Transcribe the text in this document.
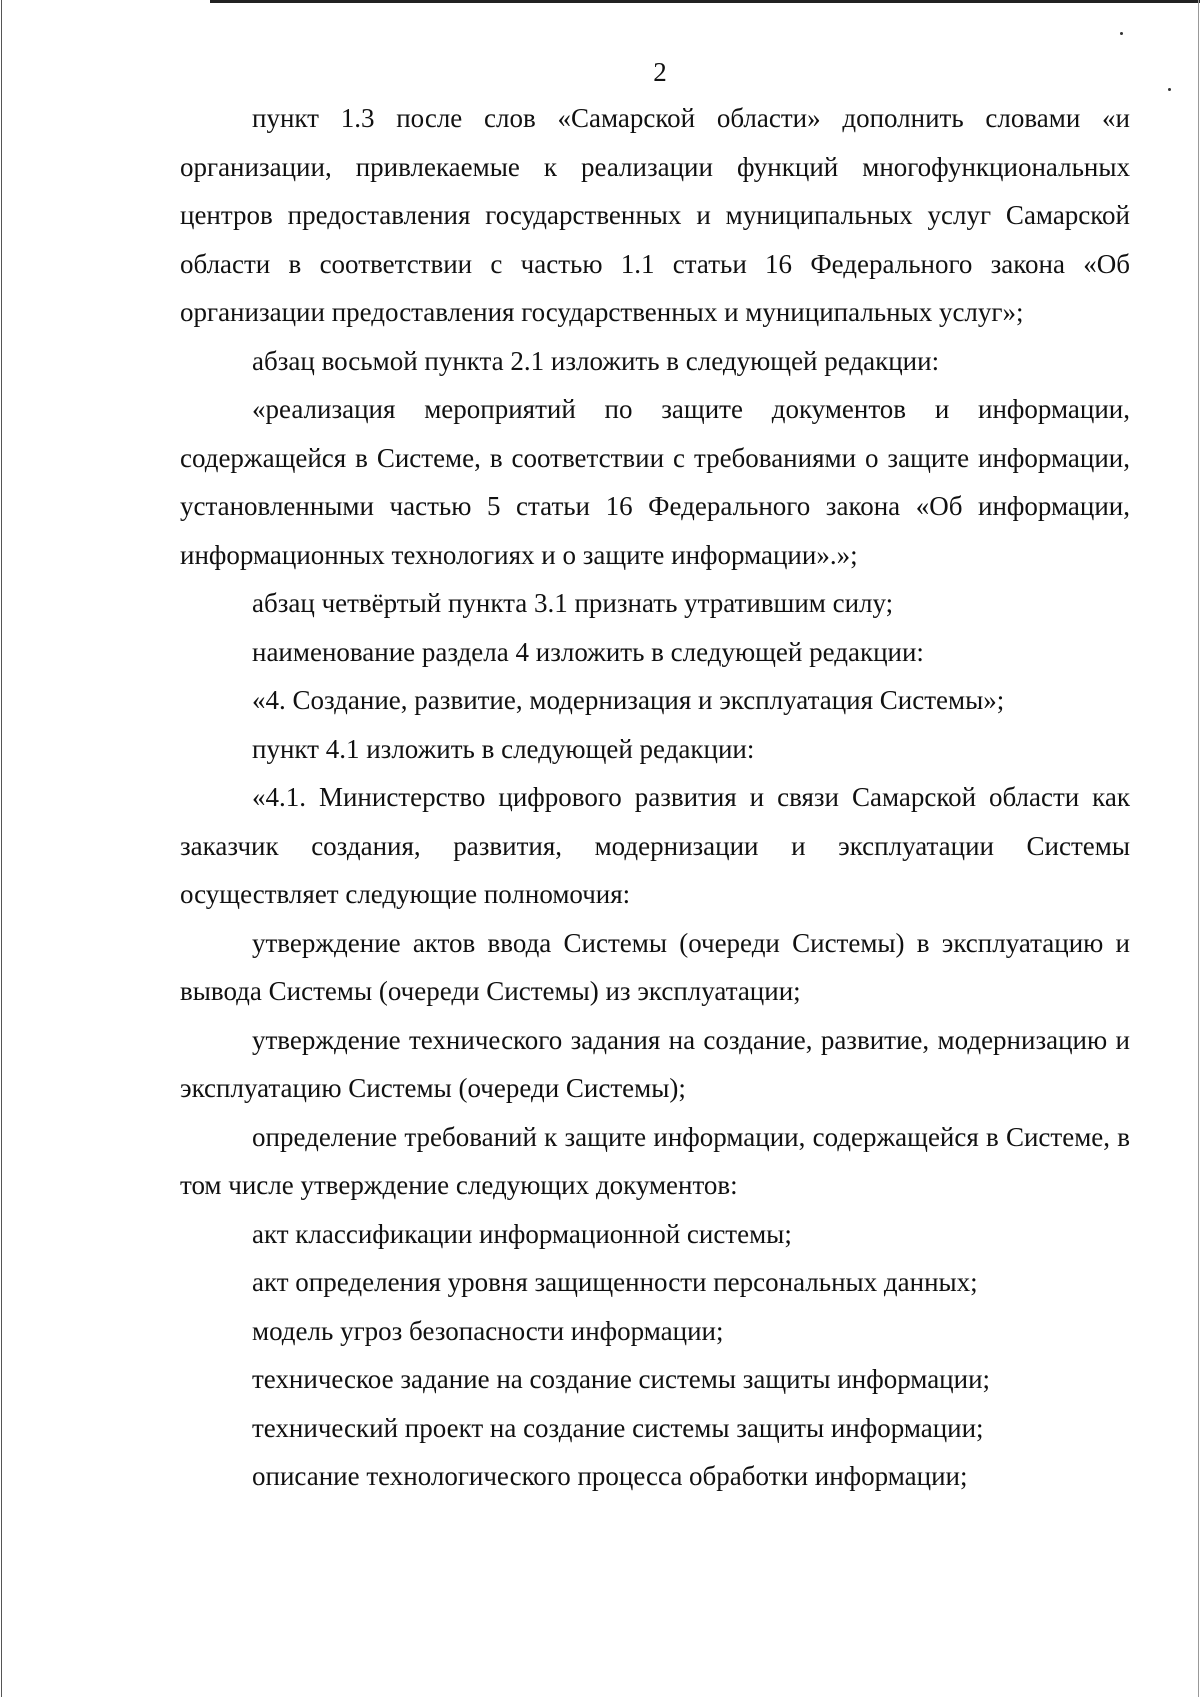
2

пункт 1.3 после слов «Самарской области» дополнить словами «и организации, привлекаемые к реализации функций многофункциональных центров предоставления государственных и муниципальных услуг Самарской области в соответствии с частью 1.1 статьи 16 Федерального закона «Об организации предоставления государственных и муниципальных услуг»;

абзац восьмой пункта 2.1 изложить в следующей редакции:

«реализация мероприятий по защите документов и информации, содержащейся в Системе, в соответствии с требованиями о защите информации, установленными частью 5 статьи 16 Федерального закона «Об информации, информационных технологиях и о защите информации».»;

абзац четвёртый пункта 3.1 признать утратившим силу;

наименование раздела 4 изложить в следующей редакции:

«4. Создание, развитие, модернизация и эксплуатация Системы»;

пункт 4.1 изложить в следующей редакции:

«4.1. Министерство цифрового развития и связи Самарской области как заказчик создания, развития, модернизации и эксплуатации Системы осуществляет следующие полномочия:

утверждение актов ввода Системы (очереди Системы) в эксплуатацию и вывода Системы (очереди Системы) из эксплуатации;

утверждение технического задания на создание, развитие, модернизацию и эксплуатацию Системы (очереди Системы);

определение требований к защите информации, содержащейся в Системе, в том числе утверждение следующих документов:

акт классификации информационной системы;

акт определения уровня защищенности персональных данных;

модель угроз безопасности информации;

техническое задание на создание системы защиты информации;

технический проект на создание системы защиты информации;

описание технологического процесса обработки информации;
